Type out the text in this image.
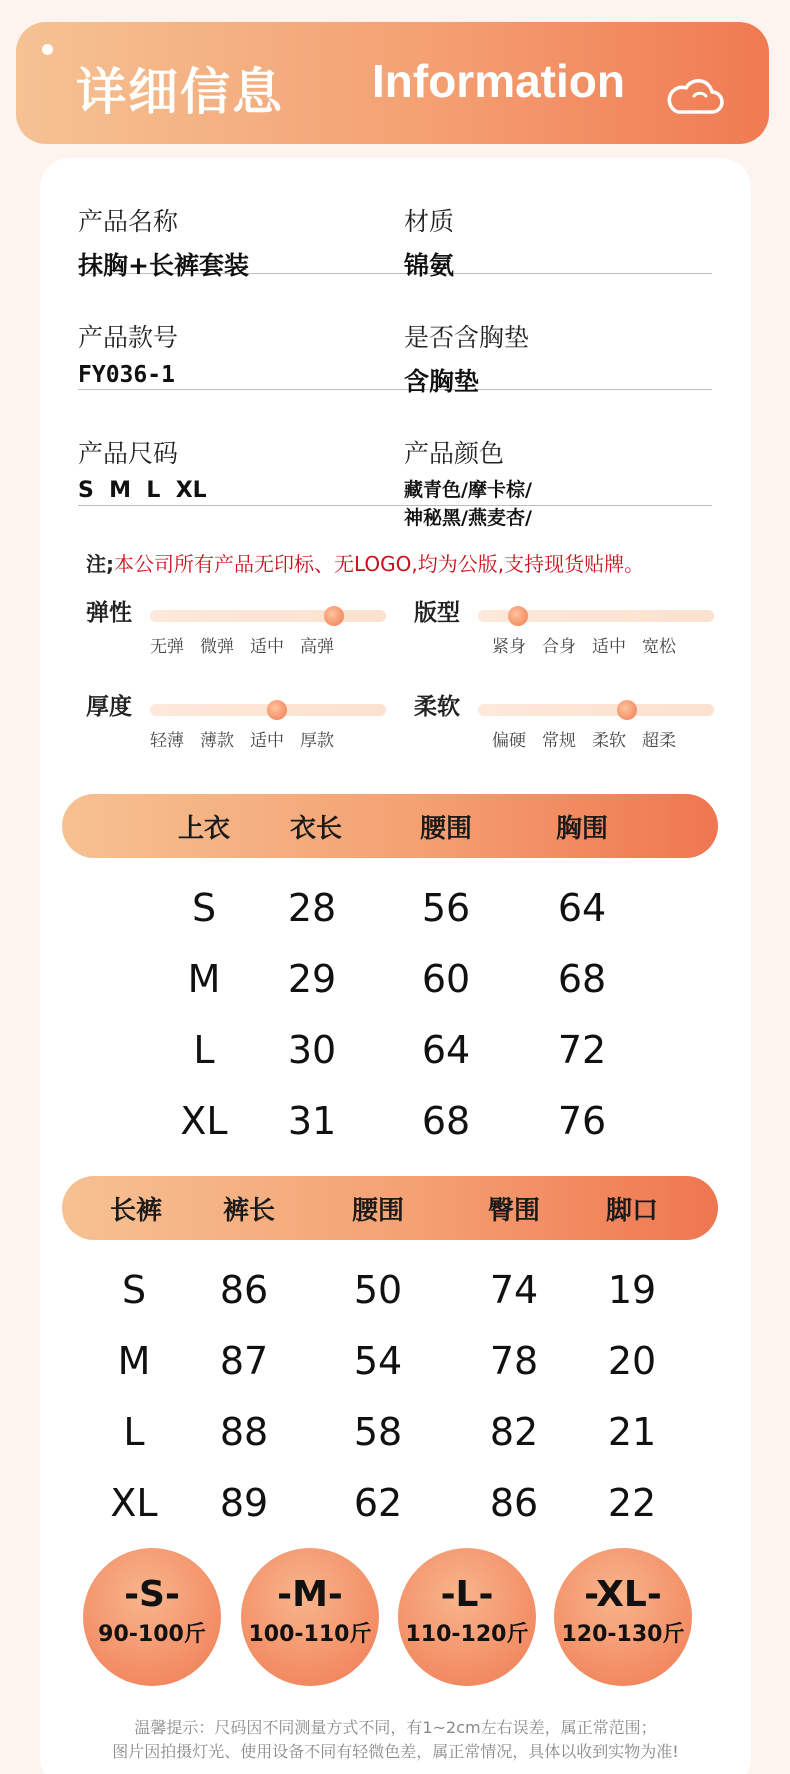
详细信息 Information
产品名称
抹胸+长裤套装
材质
锦氨
产品款号
FY036-1
是否含胸垫
含胸垫
产品尺码
S  M  L  XL
产品颜色
藏青色/摩卡棕/
神秘黑/燕麦杏/
注;本公司所有产品无印标、无LOGO,均为公版,支持现货贴牌。
弹性
无弹 微弹 适中 高弹
版型
紧身 合身 适中 宽松
厚度
轻薄 薄款 适中 厚款
柔软
偏硬 常规 柔软 超柔
上衣 衣长	腰围	胸围
S 28 56 64
M 29 60 68
L 30 64 72
XL 31 68 76
长裤 裤长	腰围	臀围	脚口
S 86 50 74 19
M 87 54 78 20
L 88 58 82 21
XL 89 62 86 22
-S-
90-100斤
-M-
100-110斤
-L-
110-120斤
-XL-
120-130斤
温馨提示：尺码因不同测量方式不同，有1~2cm左右误差，属正常范围；
图片因拍摄灯光、使用设备不同有轻微色差，属正常情况，具体以收到实物为准!
